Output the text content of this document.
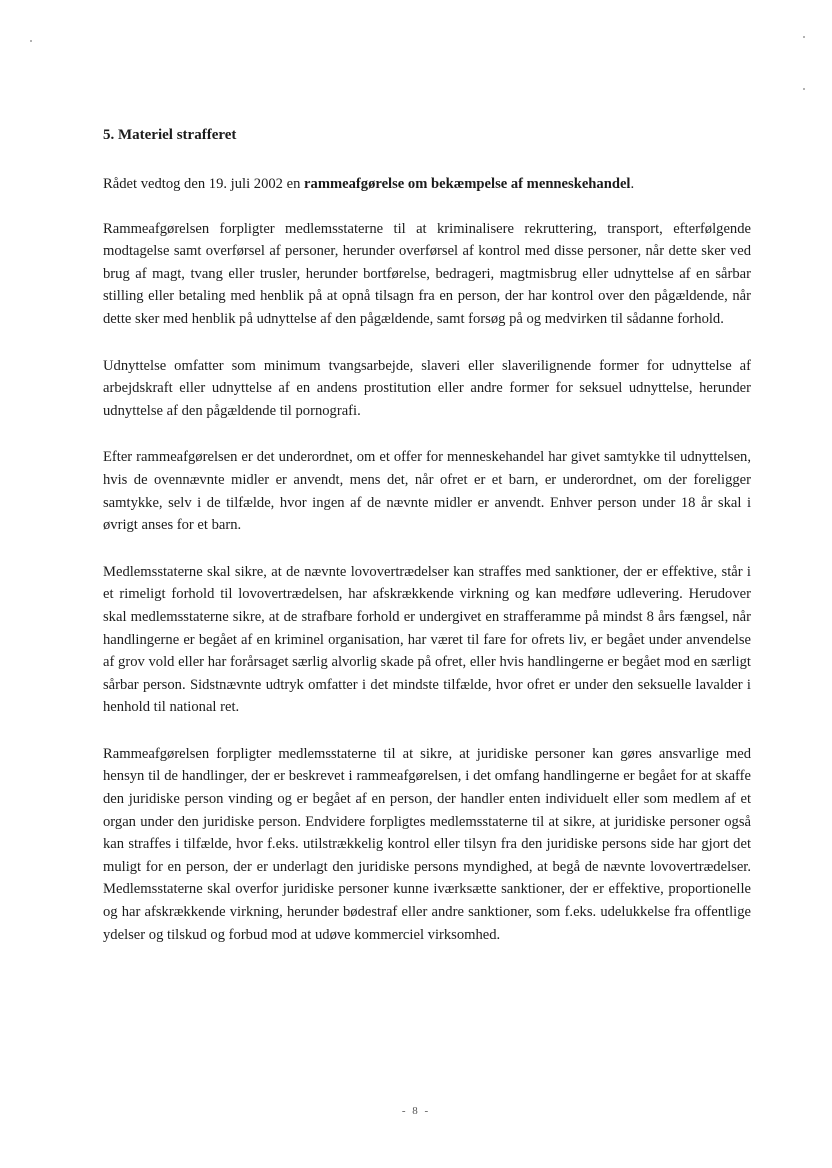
5. Materiel strafferet

Rådet vedtog den 19. juli 2002 en rammeafgørelse om bekæmpelse af menneskehandel.

Rammeafgørelsen forpligter medlemsstaterne til at kriminalisere rekruttering, transport, efterfølgende modtagelse samt overførsel af personer, herunder overførsel af kontrol med disse personer, når dette sker ved brug af magt, tvang eller trusler, herunder bortførelse, bedrageri, magtmisbrug eller udnyttelse af en sårbar stilling eller betaling med henblik på at opnå tilsagn fra en person, der har kontrol over den pågældende, når dette sker med henblik på udnyttelse af den pågældende, samt forsøg på og medvirken til sådanne forhold.

Udnyttelse omfatter som minimum tvangsarbejde, slaveri eller slaverilignende former for udnyttelse af arbejdskraft eller udnyttelse af en andens prostitution eller andre former for seksuel udnyttelse, herunder udnyttelse af den pågældende til pornografi.

Efter rammeafgørelsen er det underordnet, om et offer for menneskehandel har givet samtykke til udnyttelsen, hvis de ovennævnte midler er anvendt, mens det, når ofret er et barn, er underordnet, om der foreligger samtykke, selv i de tilfælde, hvor ingen af de nævnte midler er anvendt. Enhver person under 18 år skal i øvrigt anses for et barn.

Medlemsstaterne skal sikre, at de nævnte lovovertrædelser kan straffes med sanktioner, der er effektive, står i et rimeligt forhold til lovovertrædelsen, har afskrækkende virkning og kan medføre udlevering. Herudover skal medlemsstaterne sikre, at de strafbare forhold er undergivet en strafferamme på mindst 8 års fængsel, når handlingerne er begået af en kriminel organisation, har været til fare for ofrets liv, er begået under anvendelse af grov vold eller har forårsaget særlig alvorlig skade på ofret, eller hvis handlingerne er begået mod en særligt sårbar person. Sidstnævnte udtryk omfatter i det mindste tilfælde, hvor ofret er under den seksuelle lavalder i henhold til national ret.

Rammeafgørelsen forpligter medlemsstaterne til at sikre, at juridiske personer kan gøres ansvarlige med hensyn til de handlinger, der er beskrevet i rammeafgørelsen, i det omfang handlingerne er begået for at skaffe den juridiske person vinding og er begået af en person, der handler enten individuelt eller som medlem af et organ under den juridiske person. Endvidere forpligtes medlemsstaterne til at sikre, at juridiske personer også kan straffes i tilfælde, hvor f.eks. utilstrækkelig kontrol eller tilsyn fra den juridiske persons side har gjort det muligt for en person, der er underlagt den juridiske persons myndighed, at begå de nævnte lovovertrædelser. Medlemsstaterne skal overfor juridiske personer kunne iværksætte sanktioner, der er effektive, proportionelle og har afskrækkende virkning, herunder bødestraf eller andre sanktioner, som f.eks. udelukkelse fra offentlige ydelser og tilskud og forbud mod at udøve kommerciel virksomhed.

- 8 -
